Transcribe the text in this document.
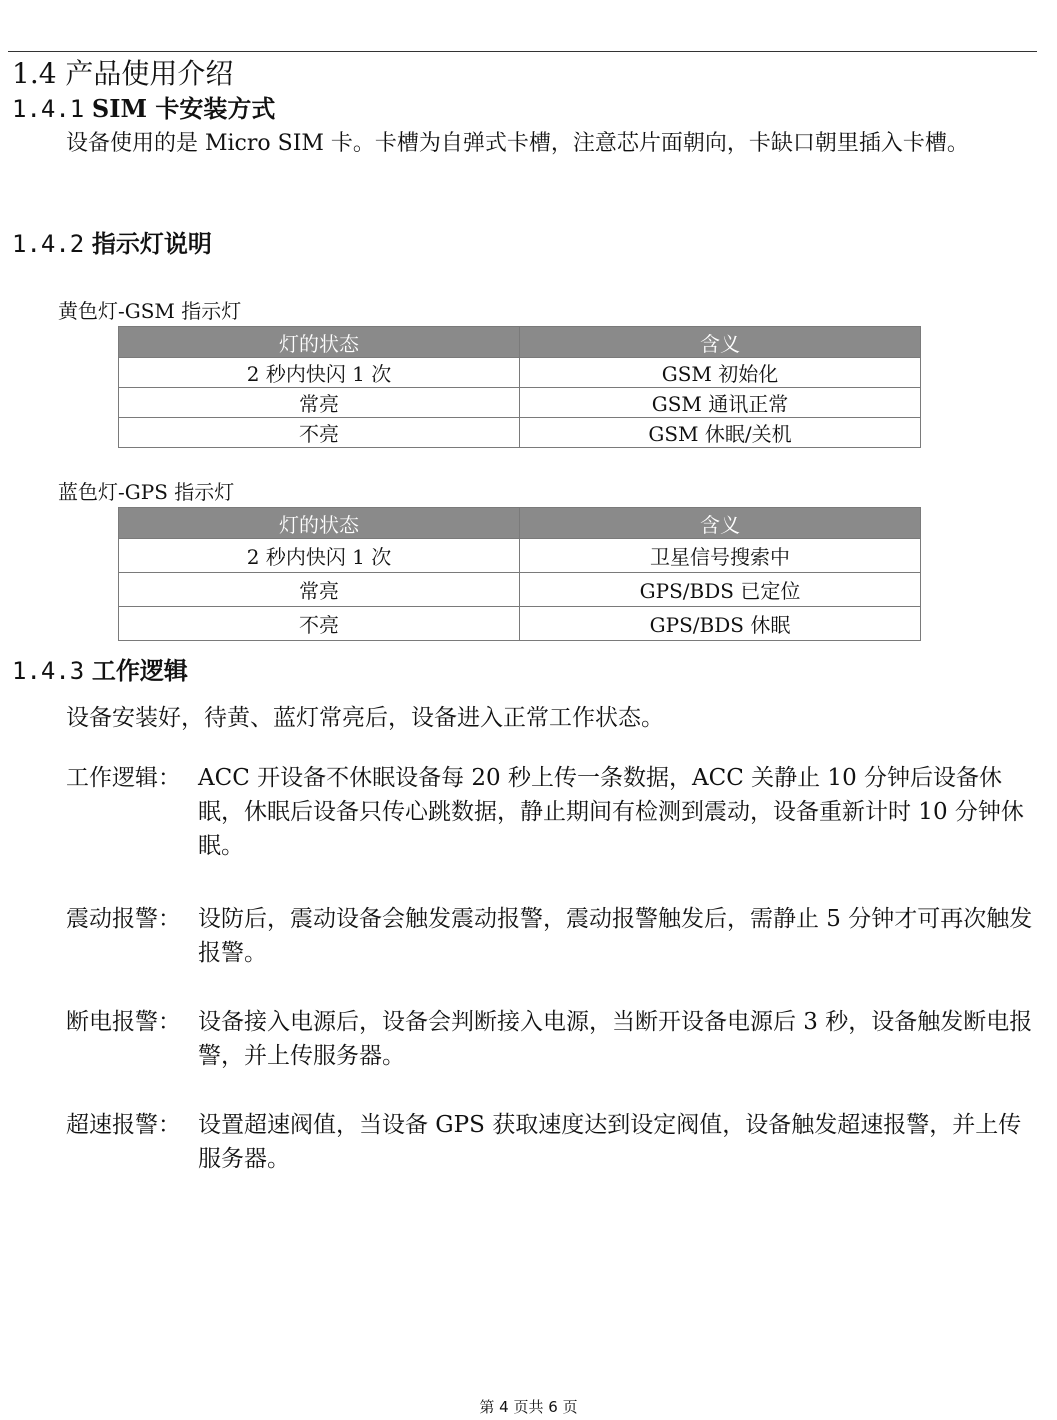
1.4 产品使用介绍
1.4.1 SIM 卡安装方式
设备使用的是 Micro SIM 卡。卡槽为自弹式卡槽，注意芯片面朝向，卡缺口朝里插入卡槽。
1.4.2 指示灯说明
黄色灯-GSM 指示灯
灯的状态	含义
2 秒内快闪 1 次	GSM 初始化
常亮	GSM 通讯正常
不亮	GSM 休眠/关机
蓝色灯-GPS 指示灯
灯的状态	含义
2 秒内快闪 1 次	卫星信号搜索中
常亮	GPS/BDS 已定位
不亮	GPS/BDS 休眠
1.4.3 工作逻辑
设备安装好，待黄、蓝灯常亮后，设备进入正常工作状态。
工作逻辑： ACC 开设备不休眠设备每 20 秒上传一条数据，ACC 关静止 10 分钟后设备休眠，休眠后设备只传心跳数据，静止期间有检测到震动，设备重新计时 10 分钟休眠。
震动报警： 设防后，震动设备会触发震动报警，震动报警触发后，需静止 5 分钟才可再次触发报警。
断电报警： 设备接入电源后，设备会判断接入电源，当断开设备电源后 3 秒，设备触发断电报警，并上传服务器。
超速报警： 设置超速阀值，当设备 GPS 获取速度达到设定阀值，设备触发超速报警，并上传服务器。
第 4 页共 6 页
